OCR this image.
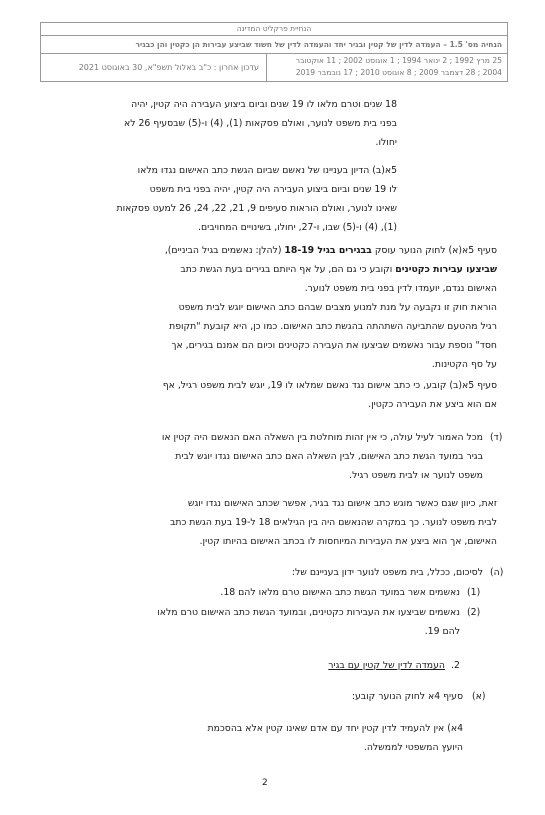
הנחיית פרקליט המדינה
הנחיה מס' 1.5 – העמדה לדין של קטין ובגיר יחד והעמדה לדין של חשוד שביצע עבירות הן כקטין והן כבגיר
25 מרץ 1992 ; 2 ינואר 1994 ; 1 אוגוסט 2002 ; 11 אוקטובר
2004 ; 28 דצמבר 2009 ; 8 אוגוסט 2010 ; 17 נובמבר 2019
עדכון אחרון : כ"ב באלול תשפ"א, 30 באוגוסט 2021
18 שנים וטרם מלאו לו 19 שנים וביום ביצוע העבירה היה קטין, יהיה
בפני בית משפט לנוער, ואולם פסקאות (1), (4) ו-(5) שבסעיף 26 לא
יחולו.
5א(ב) הדיון בעניינו של נאשם שביום הגשת כתב האישום נגדו מלאו
לו 19 שנים וביום ביצוע העבירה היה קטין, יהיה בפני בית משפט
שאינו לנוער, ואולם הוראות סעיפים 9, 21, 22, 24, 26 למעט פסקאות
(1), (4) ו-(5) שבו, ו-27, יחולו, בשינויים המחויבים.
סעיף 5א(א) לחוק הנוער עוסק בבגירים בגיל 18-19 (להלן: נאשמים בגיל הביניים),
שביצעו עבירות כקטינים וקובע כי גם הם, על אף היותם בגירים בעת הגשת כתב
האישום נגדם, יועמדו לדין בפני בית משפט לנוער.
הוראת חוק זו נקבעה על מנת למנוע מצבים שבהם כתב האישום יוגש לבית משפט
רגיל מהטעם שהתביעה השתהתה בהגשת כתב האישום. כמו כן, היא קובעת "תקופת
חסד" נוספת עבור נאשמים שביצעו את העבירה כקטינים וכיום הם אמנם בגירים, אך
על סף הקטינות.
סעיף 5א(ב) קובע, כי כתב אישום נגד נאשם שמלאו לו 19, יוגש לבית משפט רגיל, אף
אם הוא ביצע את העבירה כקטין.
(ד)
מכל האמור לעיל עולה, כי אין זהות מוחלטת בין השאלה האם הנאשם היה קטין או
בגיר במועד הגשת כתב האישום, לבין השאלה האם כתב האישום נגדו יוגש לבית
משפט לנוער או לבית משפט רגיל.
זאת, כיוון שגם כאשר מוגש כתב אישום נגד בגיר, אפשר שכתב האישום נגדו יוגש
לבית משפט לנוער. כך במקרה שהנאשם היה בין הגילאים 18 ל-19 בעת הגשת כתב
האישום, אך הוא ביצע את העבירות המיוחסות לו בכתב האישום בהיותו קטין.
(ה)
לסיכום, ככלל, בית משפט לנוער ידון בעניינם של:
(1)
נאשמים אשר במועד הגשת כתב האישום טרם מלאו להם 18.
(2)
נאשמים שביצעו את העבירות כקטינים, ובמועד הגשת כתב האישום טרם מלאו
להם 19.
2.
העמדה לדין של קטין עם בגיר
(א)
סעיף 4א לחוק הנוער קובע:
4א) אין להעמיד לדין קטין יחד עם אדם שאינו קטין אלא בהסכמת
היועץ המשפטי לממשלה.
2
